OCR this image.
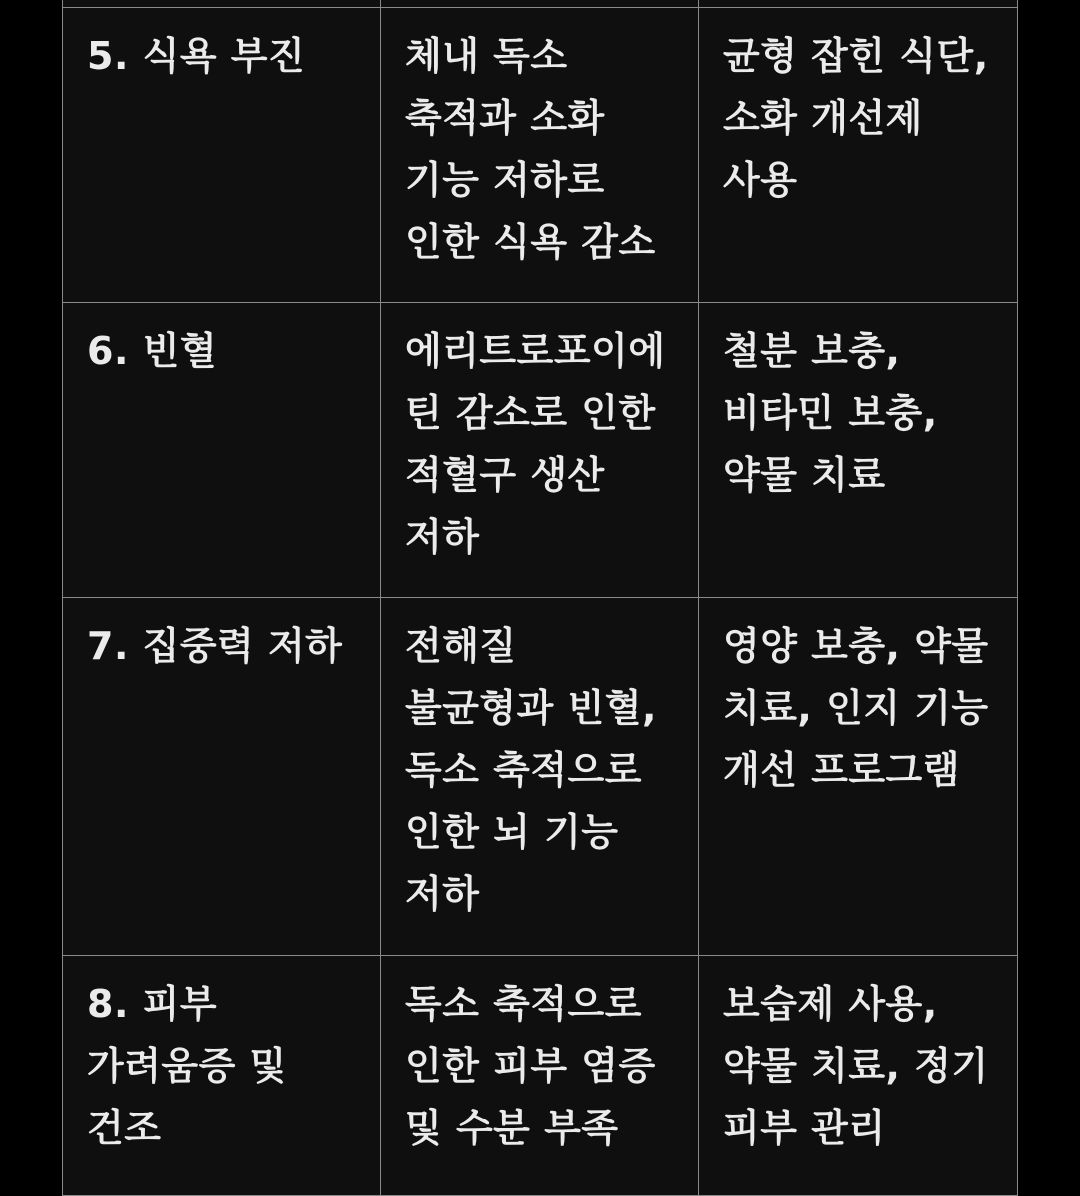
5. 식욕 부진	체내 독소 축적과 소화 기능 저하로 인한 식욕 감소	균형 잡힌 식단, 소화 개선제 사용
6. 빈혈	에리트로포이에틴 감소로 인한 적혈구 생산 저하	철분 보충, 비타민 보충, 약물 치료
7. 집중력 저하	전해질 불균형과 빈혈, 독소 축적으로 인한 뇌 기능 저하	영양 보충, 약물 치료, 인지 기능 개선 프로그램
8. 피부 가려움증 및 건조	독소 축적으로 인한 피부 염증 및 수분 부족	보습제 사용, 약물 치료, 정기 피부 관리
